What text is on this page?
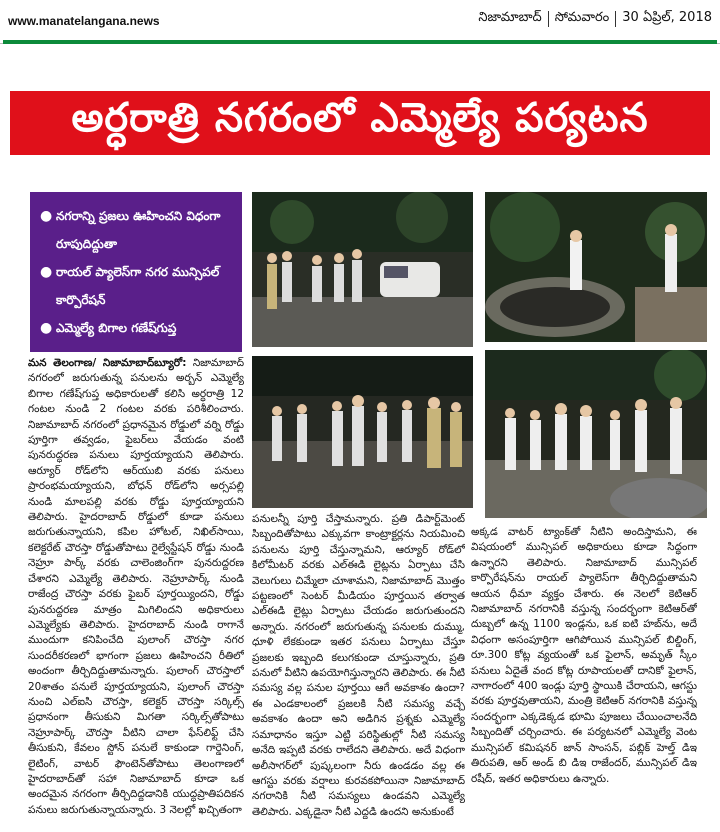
www.manatelangana.news	నిజామాబాద్ సోమవారం 30 ఏప్రిల్, 2018
అర్ధరాత్రి నగరంలో ఎమ్మెల్యే పర్యటన
● నగరాన్ని ప్రజలు ఊహించని విధంగా రూపుదిద్దుతా
● రాయల్ ప్యాలెస్‌గా నగర మున్సిపల్ కార్పొరేషన్
● ఎమ్మెల్యే బిగాల గణేష్‌గుప్త
మన తెలంగాణ/ నిజామాబాద్‌బ్యూరో: నిజామాబాద్ నగరంలో జరుగుతున్న పనులను అర్బన్ ఎమ్మెల్యే బిగాల గణేష్‌గుప్త అధికారులతో కలిసి అర్ధరాత్రి 12 గంటల నుండి 2 గంటల వరకు పరిశీలించారు. నిజామాబాద్ నగరంలో ప్రధానమైన రోడ్డులో వర్ని రోడ్డు పూర్తిగా తవ్వడం, ఫైబర్‌లు వేయడం వంటి పునరుద్ధరణ పనులు పూర్తయ్యాయని తెలిపారు. ఆర్యూర్ రోడ్‌లోని ఆర్‌యుబి వరకు పనులు ప్రారంభమయ్యాయని, బోధన్ రోడ్‌లోని అర్సపల్లి నుండి మాలపల్లి వరకు రోడ్డు పూర్తయ్యాయని తెలిపారు. హైదరాబాద్ రోడ్డులో కూడా పనులు జరుగుతున్నాయని, కపిల హోటల్, నిఖిల్‌సాయి, కలెక్టరేట్ చౌరస్తా రోడ్డుతోపాటు రైల్వేస్టేషన్ రోడ్డు నుండి నెహ్రూ పార్క్ వరకు చాలెంజింగ్‌గా పునరుద్దరణ చేశారని ఎమ్మెల్యే తెలిపారు. నెహ్రూపార్క్ నుండి రాజేంద్ర చౌరస్తా వరకు ఫైబర్ పూర్తయ్యిందని, రోడ్డు పునరుద్దరణ మాత్రం మిగిలిందని అధికారులు ఎమ్మెల్యేకు తెలిపారు. హైదరాబాద్ నుండి రాగానే ముందుగా కనిపించేది పులాంగ్ చౌరస్తా నగర సుందరీకరణలో భాగంగా ప్రజలు ఊహించని రీతిలో అందంగా తీర్చిదిద్దుతామన్నారు. పులాంగ్ చౌరస్తాలో 20శాతం పనులే పూర్తయ్యాయని, పులాంగ్ చౌరస్తా నుంచి ఎల్‌ఐసి చౌరస్తా, కలెక్టర్ చౌరస్తా సర్కిల్స్ ప్రధానంగా తీసుకుని మిగతా సర్కిల్స్‌తోపాటు నెహ్రూపార్క్ చౌరస్తా వీటిని చాలా ఫేస్‌లిఫ్ట్ చేసి తీసుకుని, కేవలం స్టోన్ పనులే కాకుండా గార్డెనింగ్, లైటింగ్, వాటర్ ఫౌంటెన్‌తోపాటు తెలంగాణలో హైదరాబాద్‌తో సహా నిజామాబాద్ కూడా ఒక అందమైన నగరంగా తీర్చిదిద్దడానికి యుద్ధప్రాతిపదికన పనులు జరుగుతున్నాయన్నారు. 3 నెలల్లో ఖచ్చితంగా
పనులన్నీ పూర్తి చేస్తామన్నారు. ప్రతి డిపార్ట్‌మెంట్ సిబ్బందితోపాటు ఎక్కువగా కాంట్రాక్టర్లను నియమించి పనులను పూర్తి చేస్తున్నామని, ఆర్యూర్ రోడ్‌లో కిలోమీటర్ వరకు ఎల్ఈడి లైట్లను ఏర్పాటు చేసి వెలుగులు చిమ్మేలా చూశామని, నిజామాబాద్ మొత్తం పట్టణంలో సెంటర్ మీడియం పూర్తయిన తర్వాత ఎల్ఈడి లైట్లు ఏర్పాటు చేయడం జరుగుతుందని అన్నారు. నగరంలో జరుగుతున్న పనులకు దుమ్ము, ధూళి లేకకుండా ఇతర పనులు ఏర్పాటు చేస్తూ ప్రజలకు ఇబ్బంది కలుగకుండా చూస్తున్నారు, ప్రతి పనులో వీటిని ఉపయోగిస్తున్నారని తెలిపారు. ఈ నీటి సమస్య వల్ల పనుల పూర్తయి ఆగే అవకాశం ఉందా? ఈ ఎండకాలంలో ప్రజలకి నీటి సమస్య వచ్చే అవకాశం ఉందా అని అడిగిన ప్రశ్నకు ఎమ్మెల్యే సమాధానం ఇస్తూ ఎట్టి పరిస్థితుల్లో నీటి సమస్య అనేది ఇప్పటి వరకు రాలేదని తెలిపారు. అదే విధంగా అలీసాగర్‌లో పుష్కలంగా నీరు ఉండడం వల్ల ఈ ఆగస్టు వరకు వర్షాలు కురవకపోయినా నిజామాబాద్ నగరానికి నీటి సమస్యలు ఉండవని ఎమ్మెల్యే తెలిపారు. ఎక్కడైనా నీటి ఎద్దడి ఉందని అనుకుంటే
అక్కడ వాటర్ ట్యాంక్‌తో నీటిని అందిస్తామని, ఈ విషయంలో మున్సిపల్ అధికారులు కూడా సిద్ధంగా ఉన్నారని తెలిపారు. నిజామాబాద్ మున్సిపల్ కార్పొరేషన్‌ను రాయల్ ప్యాలెస్‌గా తీర్చిదిద్దుతామని ఆయన ధీమా వ్యక్తం చేశారు. ఈ నెలలో కెటిఆర్ నిజామాబాద్ నగరానికి వస్తున్న సందర్భంగా కెటిఆర్‌తో దుబ్బలో ఉన్న 1100 ఇండ్లను, ఒక ఐటి హబ్‌ను, అదే విధంగా అసంపూర్తిగా ఆగిపోయిన మున్సిపల్ బిల్డింగ్, రూ.300 కోట్ల వ్యయంతో ఒక ఫైలాన్, అమృత్ స్కీం పనులు ఏదైతే వంద కోట్ల రూపాయలతో దానికో ఫైలాన్, నాగారంలో 400 ఇండ్లు పూర్తి స్థాయికి చేరాయని, ఆగస్టు వరకు పూర్తవుతాయని, మంత్రి కెటిఆర్ నగరానికి వస్తున్న సందర్భంగా ఎక్కడెక్కడ భూమి పూజలు చేయించాలనేది సిబ్బందితో చర్చించారు. ఈ పర్యటనలో ఎమ్మెల్యే వెంట మున్సిపల్ కమిషనర్ జాన్ సాంసన్, పబ్లిక్ హెల్త్ డిఇ తిరుపతి, ఆర్ అండ్ బి డిఇ రాజేందర్, మున్సిపల్ డిఇ రషీద్, ఇతర అధికారులు ఉన్నారు.
